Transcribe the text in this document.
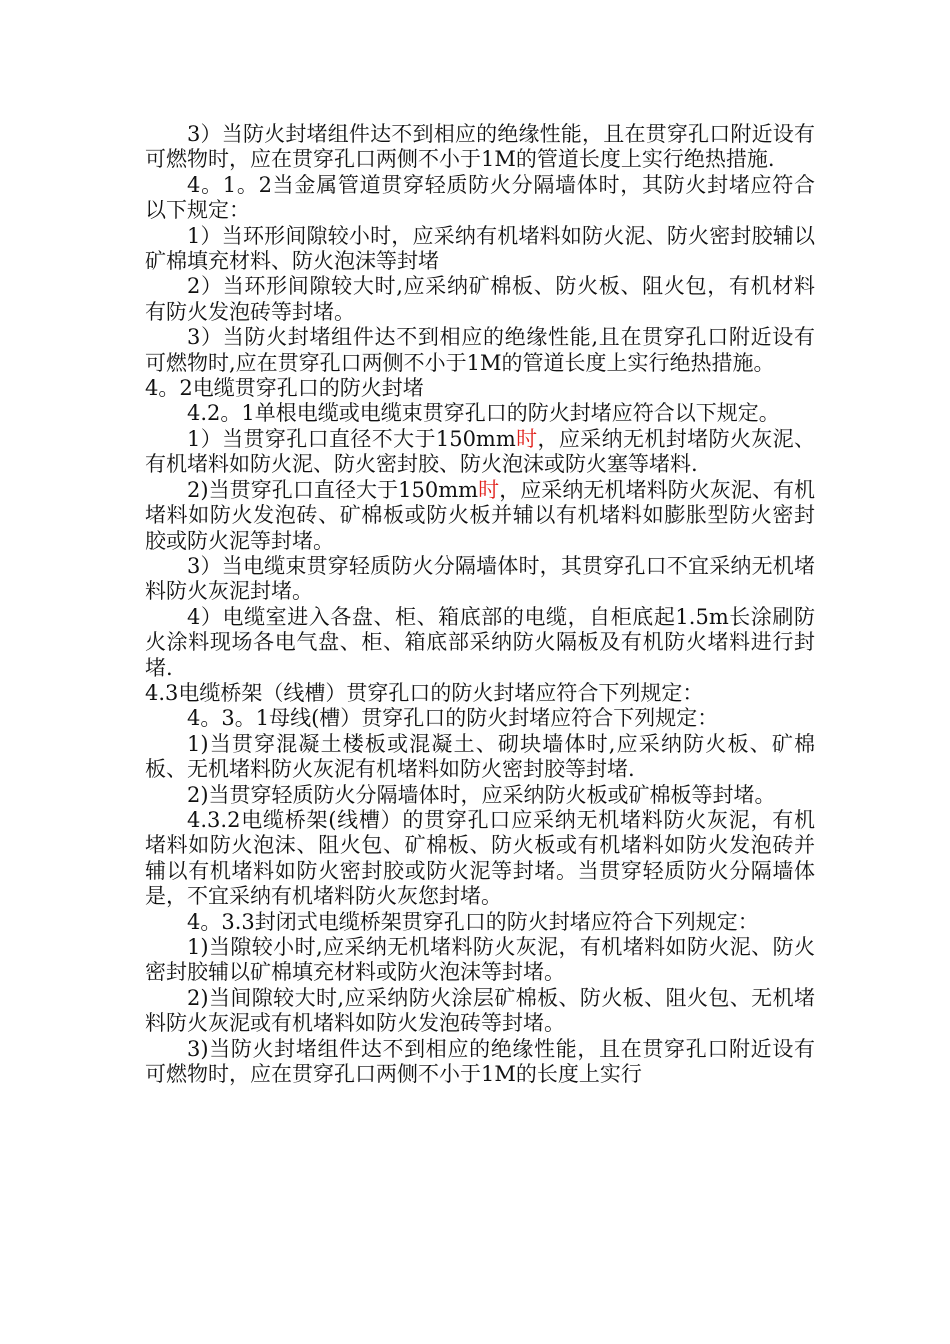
3）当防火封堵组件达不到相应的绝缘性能，且在贯穿孔口附近设有可燃物时，应在贯穿孔口两侧不小于1M的管道长度上实行绝热措施.

4。1。2当金属管道贯穿轻质防火分隔墙体时，其防火封堵应符合以下规定：

1）当环形间隙较小时，应采纳有机堵料如防火泥、防火密封胶辅以矿棉填充材料、防火泡沫等封堵

2）当环形间隙较大时,应采纳矿棉板、防火板、阻火包，有机材料有防火发泡砖等封堵。

3）当防火封堵组件达不到相应的绝缘性能,且在贯穿孔口附近设有可燃物时,应在贯穿孔口两侧不小于1M的管道长度上实行绝热措施。

4。2电缆贯穿孔口的防火封堵

4.2。1单根电缆或电缆束贯穿孔口的防火封堵应符合以下规定。

1）当贯穿孔口直径不大于150mm时，应采纳无机封堵防火灰泥、有机堵料如防火泥、防火密封胶、防火泡沫或防火塞等堵料.

2)当贯穿孔口直径大于150mm时，应采纳无机堵料防火灰泥、有机堵料如防火发泡砖、矿棉板或防火板并辅以有机堵料如膨胀型防火密封胶或防火泥等封堵。

3）当电缆束贯穿轻质防火分隔墙体时，其贯穿孔口不宜采纳无机堵料防火灰泥封堵。

4）电缆室进入各盘、柜、箱底部的电缆，自柜底起1.5m长涂刷防火涂料现场各电气盘、柜、箱底部采纳防火隔板及有机防火堵料进行封堵.

4.3电缆桥架（线槽）贯穿孔口的防火封堵应符合下列规定：

4。3。1母线(槽）贯穿孔口的防火封堵应符合下列规定：

1)当贯穿混凝土楼板或混凝土、砌块墙体时,应采纳防火板、矿棉板、无机堵料防火灰泥有机堵料如防火密封胶等封堵.

2)当贯穿轻质防火分隔墙体时，应采纳防火板或矿棉板等封堵。

4.3.2电缆桥架(线槽）的贯穿孔口应采纳无机堵料防火灰泥，有机堵料如防火泡沫、阻火包、矿棉板、防火板或有机堵料如防火发泡砖并辅以有机堵料如防火密封胶或防火泥等封堵。当贯穿轻质防火分隔墙体是，不宜采纳有机堵料防火灰您封堵。

4。3.3封闭式电缆桥架贯穿孔口的防火封堵应符合下列规定：

1)当隙较小时,应采纳无机堵料防火灰泥，有机堵料如防火泥、防火密封胶辅以矿棉填充材料或防火泡沫等封堵。

2)当间隙较大时,应采纳防火涂层矿棉板、防火板、阻火包、无机堵料防火灰泥或有机堵料如防火发泡砖等封堵。

3)当防火封堵组件达不到相应的绝缘性能，且在贯穿孔口附近设有可燃物时，应在贯穿孔口两侧不小于1M的长度上实行
